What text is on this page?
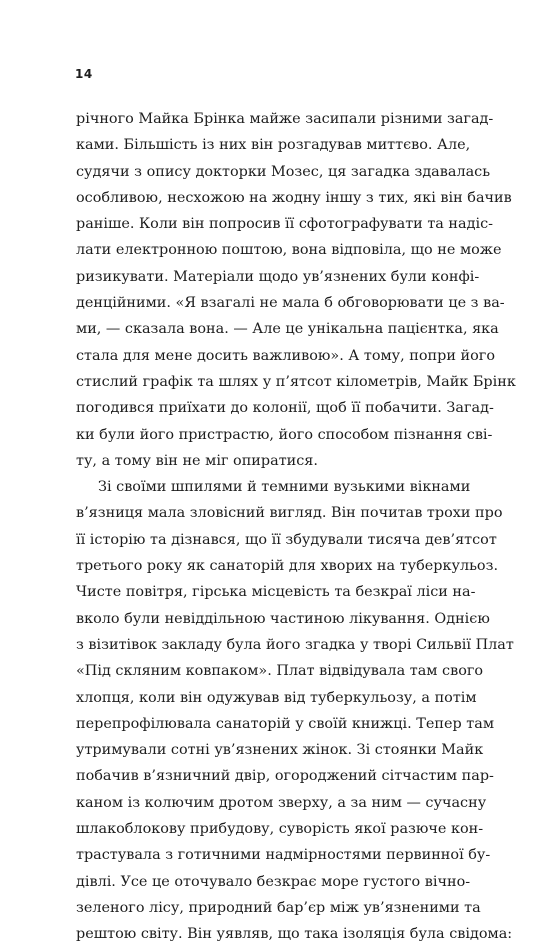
14
річного Майка Брінка майже засипали різними загад-
ками. Більшість із них він розгадував миттєво. Але,
судячи з опису докторки Мозес, ця загадка здавалась
особливою, несхожою на жодну іншу з тих, які він бачив
раніше. Коли він попросив її сфотографувати та надіс-
лати електронною поштою, вона відповіла, що не може
ризикувати. Матеріали щодо ув’язнених були конфі-
денційними. «Я взагалі не мала б обговорювати це з ва-
ми, — сказала вона. — Але це унікальна пацієнтка, яка
стала для мене досить важливою». А тому, попри його
стислий графік та шлях у п’ятсот кілометрів, Майк Брінк
погодився приїхати до колонії, щоб її побачити. Загад-
ки були його пристрастю, його способом пізнання сві-
ту, а тому він не міг опиратися.
Зі своїми шпилями й темними вузькими вікнами
в’язниця мала зловісний вигляд. Він почитав трохи про
її історію та дізнався, що її збудували тисяча дев’ятсот
третього року як санаторій для хворих на туберкульоз.
Чисте повітря, гірська місцевість та безкраї ліси на-
вколо були невіддільною частиною лікування. Однією
з візитівок закладу була його згадка у творі Сильвії Плат
«Під скляним ковпаком». Плат відвідувала там свого
хлопця, коли він одужував від туберкульозу, а потім
перепрофілювала санаторій у своїй книжці. Тепер там
утримували сотні ув’язнених жінок. Зі стоянки Майк
побачив в’язничний двір, огороджений сітчастим пар-
каном із колючим дротом зверху, а за ним — сучасну
шлакоблокову прибудову, суворість якої разюче кон-
трастувала з готичними надмірностями первинної бу-
дівлі. Усе це оточувало безкрає море густого вічно-
зеленого лісу, природний бар’єр між ув’язненими та
рештою світу. Він уявляв, що така ізоляція була свідома:
